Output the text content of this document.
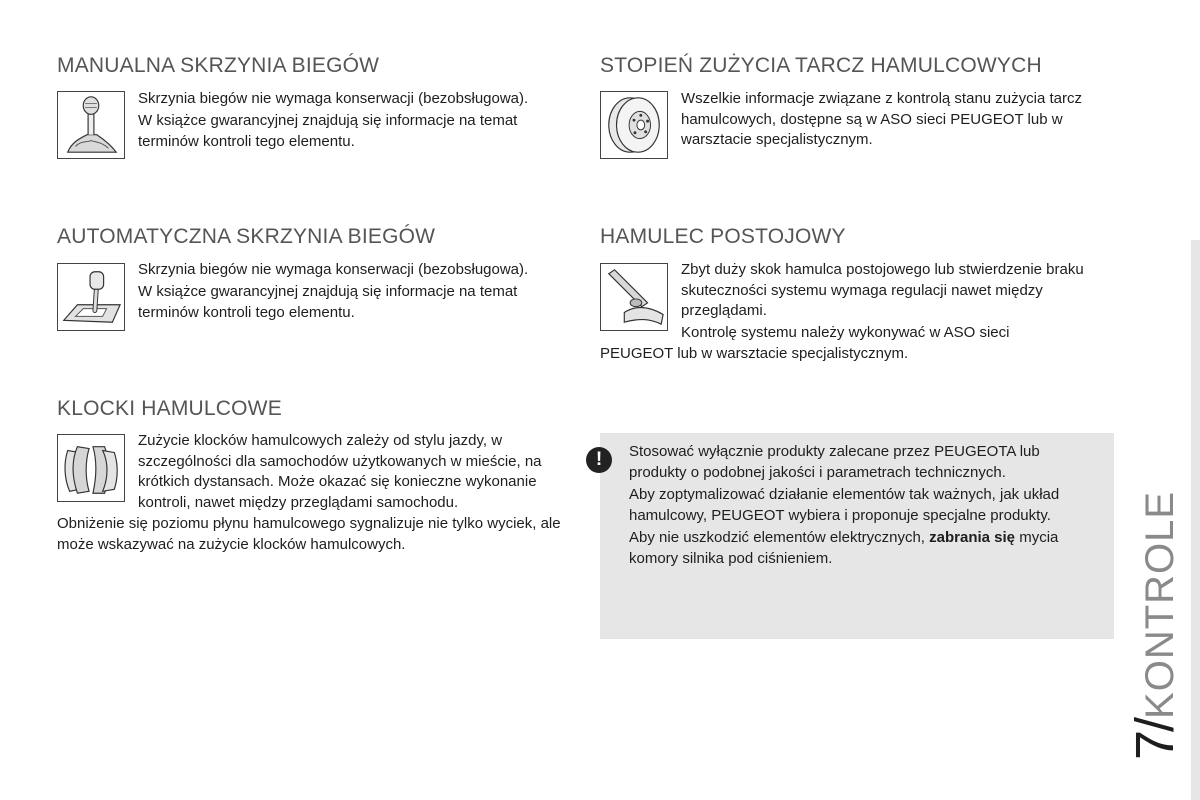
MANUALNA SKRZYNIA BIEGÓW

Skrzynia biegów nie wymaga konserwacji (bezobsługowa).

W książce gwarancyjnej znajdują się informacje na temat terminów kontroli tego elementu.

AUTOMATYCZNA SKRZYNIA BIEGÓW

Skrzynia biegów nie wymaga konserwacji (bezobsługowa).

W książce gwarancyjnej znajdują się informacje na temat terminów kontroli tego elementu.

KLOCKI HAMULCOWE

Zużycie klocków hamulcowych zależy od stylu jazdy, w szczególności dla samochodów użytkowanych w mieście, na krótkich dystansach. Może okazać się konieczne wykonanie kontroli, nawet między przeglądami samochodu.

Obniżenie się poziomu płynu hamulcowego sygnalizuje nie tylko wyciek, ale może wskazywać na zużycie klocków hamulcowych.

STOPIEŃ ZUŻYCIA TARCZ HAMULCOWYCH

Wszelkie informacje związane z kontrolą stanu zużycia tarcz hamulcowych, dostępne są w ASO sieci PEUGEOT lub w warsztacie specjalistycznym.

HAMULEC POSTOJOWY

Zbyt duży skok hamulca postojowego lub stwierdzenie braku skuteczności systemu wymaga regulacji nawet między przeglądami.

Kontrolę systemu należy wykonywać w ASO sieci PEUGEOT lub w warsztacie specjalistycznym.

!	Stosować wyłącznie produkty zalecane przez PEUGEOTA lub produkty o podobnej jakości i parametrach technicznych.

Aby zoptymalizować działanie elementów tak ważnych, jak układ hamulcowy, PEUGEOT wybiera i proponuje specjalne produkty.

Aby nie uszkodzić elementów elektrycznych, zabrania się mycia komory silnika pod ciśnieniem.

7/KONTROLE
